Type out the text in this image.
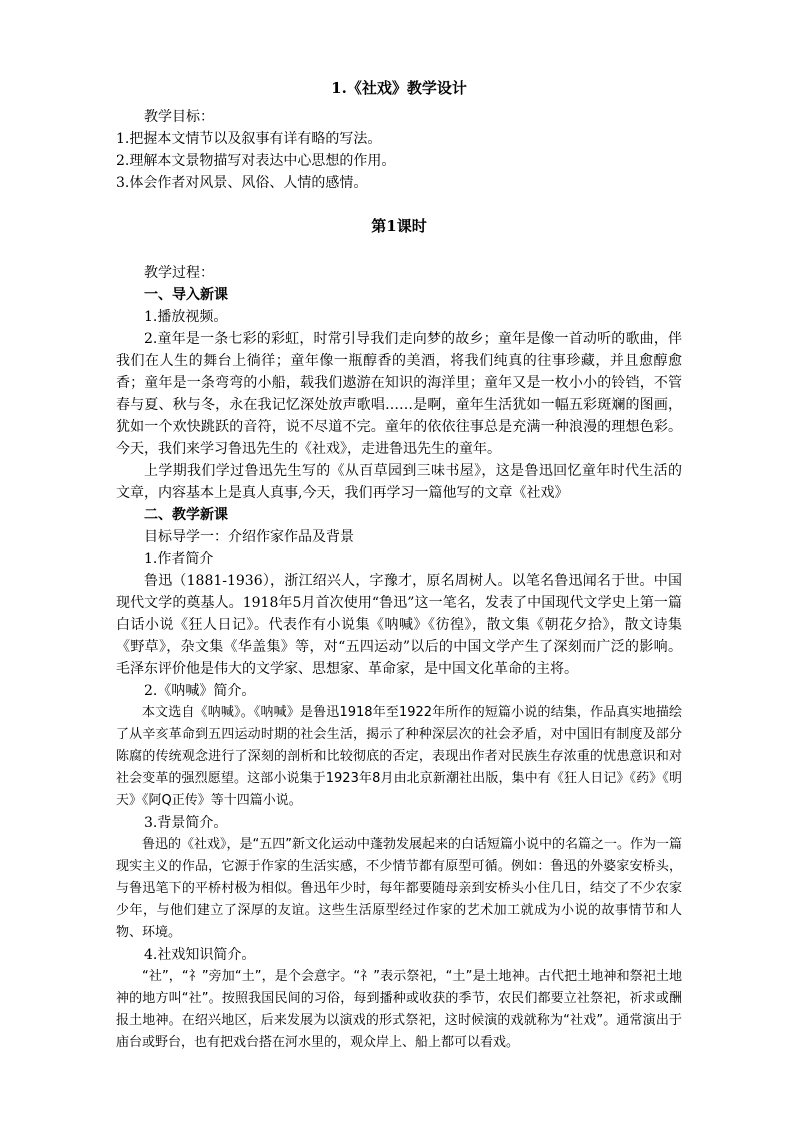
1.《社戏》教学设计

教学目标：

1.把握本文情节以及叙事有详有略的写法。

2.理解本文景物描写对表达中心思想的作用。

3.体会作者对风景、风俗、人情的感情。

第1课时

教学过程：

一、导入新课

1.播放视频。

2.童年是一条七彩的彩虹，时常引导我们走向梦的故乡；童年是像一首动听的歌曲，伴我们在人生的舞台上徜徉；童年像一瓶醇香的美酒，将我们纯真的往事珍藏，并且愈醇愈香；童年是一条弯弯的小船，载我们遨游在知识的海洋里；童年又是一枚小小的铃铛，不管春与夏、秋与冬，永在我记忆深处放声歌唱……是啊，童年生活犹如一幅五彩斑斓的图画，犹如一个欢快跳跃的音符，说不尽道不完。童年的依依往事总是充满一种浪漫的理想色彩。今天，我们来学习鲁迅先生的《社戏》，走进鲁迅先生的童年。

上学期我们学过鲁迅先生写的《从百草园到三味书屋》，这是鲁迅回忆童年时代生活的文章，内容基本上是真人真事,今天，我们再学习一篇他写的文章《社戏》

二、教学新课

目标导学一：介绍作家作品及背景

1.作者简介

鲁迅（1881-1936），浙江绍兴人，字豫才，原名周树人。以笔名鲁迅闻名于世。中国现代文学的奠基人。1918年5月首次使用“鲁迅”这一笔名，发表了中国现代文学史上第一篇白话小说《狂人日记》。代表作有小说集《呐喊》《彷徨》，散文集《朝花夕拾》，散文诗集《野草》，杂文集《华盖集》等，对“五四运动”以后的中国文学产生了深刻而广泛的影响。毛泽东评价他是伟大的文学家、思想家、革命家，是中国文化革命的主将。

2.《呐喊》简介。

本文选自《呐喊》。《呐喊》是鲁迅1918年至1922年所作的短篇小说的结集，作品真实地描绘了从辛亥革命到五四运动时期的社会生活，揭示了种种深层次的社会矛盾，对中国旧有制度及部分陈腐的传统观念进行了深刻的剖析和比较彻底的否定，表现出作者对民族生存浓重的忧患意识和对社会变革的强烈愿望。这部小说集于1923年8月由北京新潮社出版，集中有《狂人日记》《药》《明天》《阿Q正传》等十四篇小说。

3.背景简介。

鲁迅的《社戏》，是“五四”新文化运动中蓬勃发展起来的白话短篇小说中的名篇之一。作为一篇现实主义的作品，它源于作家的生活实感，不少情节都有原型可循。例如：鲁迅的外婆家安桥头，与鲁迅笔下的平桥村极为相似。鲁迅年少时，每年都要随母亲到安桥头小住几日，结交了不少农家少年，与他们建立了深厚的友谊。这些生活原型经过作家的艺术加工就成为小说的故事情节和人物、环境。

4.社戏知识简介。

“社”，“礻”旁加“土”，是个会意字。“礻”表示祭祀，“土”是土地神。古代把土地神和祭祀土地神的地方叫“社”。按照我国民间的习俗，每到播种或收获的季节，农民们都要立社祭祀，祈求或酬报土地神。在绍兴地区，后来发展为以演戏的形式祭祀，这时候演的戏就称为“社戏”。通常演出于庙台或野台，也有把戏台搭在河水里的，观众岸上、船上都可以看戏。
